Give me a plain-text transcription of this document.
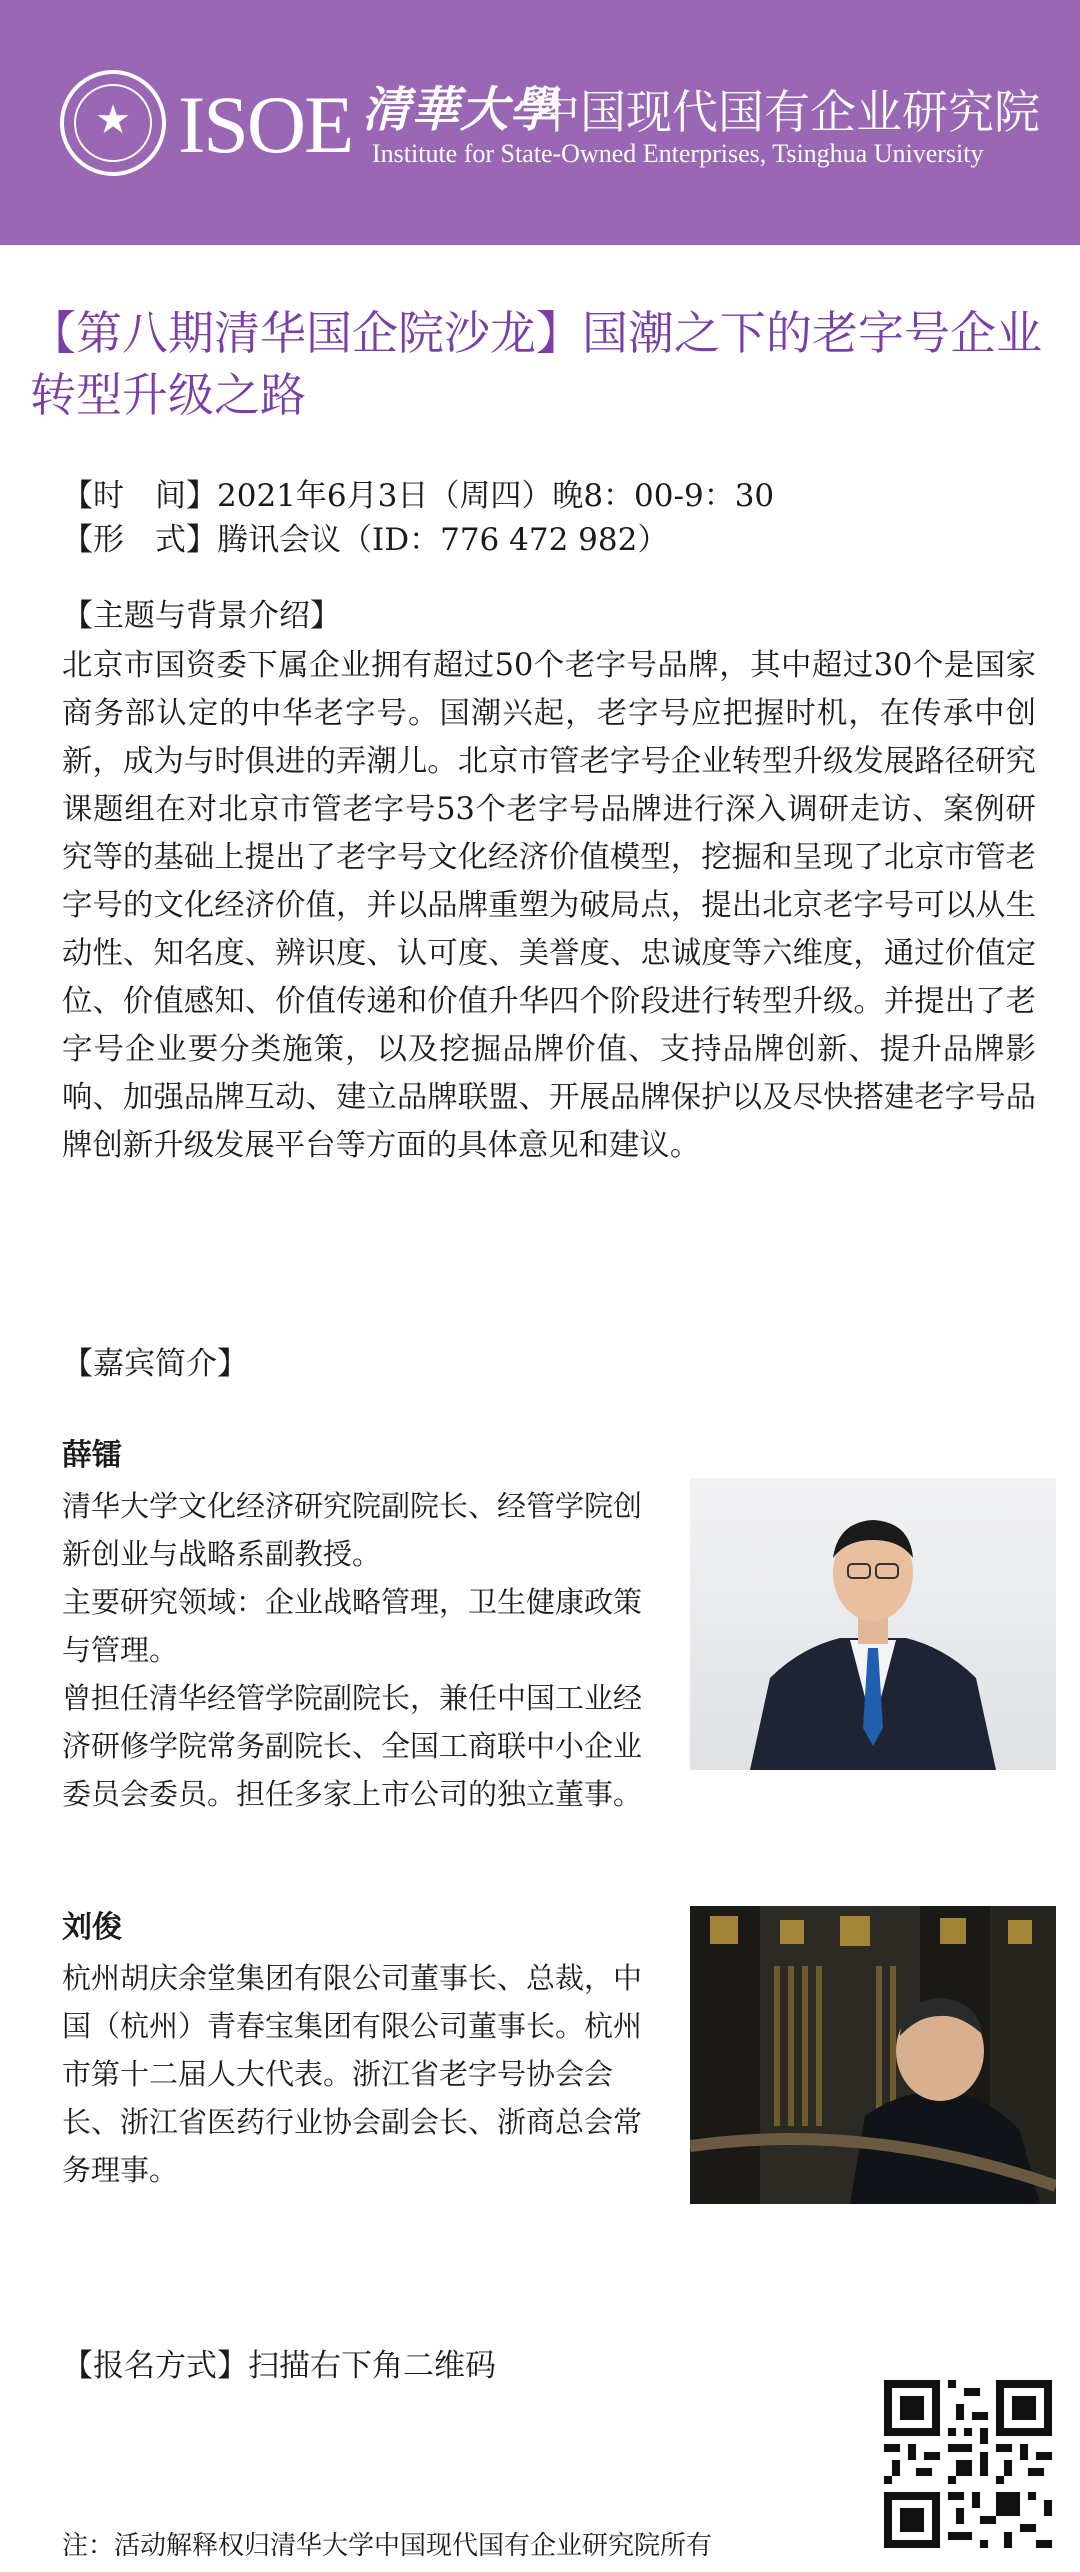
★ ISOE 清華大學
中国现代国有企业研究院
Institute for State-Owned Enterprises, Tsinghua University
【第八期清华国企院沙龙】国潮之下的老字号企业转型升级之路
【时　间】2021年6月3日（周四）晚8：00-9：30
【形　式】腾讯会议（ID：776 472 982）
【主题与背景介绍】
北京市国资委下属企业拥有超过50个老字号品牌，其中超过30个是国家商务部认定的中华老字号。国潮兴起，老字号应把握时机，在传承中创新，成为与时俱进的弄潮儿。北京市管老字号企业转型升级发展路径研究课题组在对北京市管老字号53个老字号品牌进行深入调研走访、案例研究等的基础上提出了老字号文化经济价值模型，挖掘和呈现了北京市管老字号的文化经济价值，并以品牌重塑为破局点，提出北京老字号可以从生动性、知名度、辨识度、认可度、美誉度、忠诚度等六维度，通过价值定位、价值感知、价值传递和价值升华四个阶段进行转型升级。并提出了老字号企业要分类施策，以及挖掘品牌价值、支持品牌创新、提升品牌影响、加强品牌互动、建立品牌联盟、开展品牌保护以及尽快搭建老字号品牌创新升级发展平台等方面的具体意见和建议。
【嘉宾简介】
薛镭

清华大学文化经济研究院副院长、经管学院创新创业与战略系副教授。

主要研究领域：企业战略管理，卫生健康政策与管理。

曾担任清华经管学院副院长，兼任中国工业经济研修学院常务副院长、全国工商联中小企业委员会委员。担任多家上市公司的独立董事。

刘俊

杭州胡庆余堂集团有限公司董事长、总裁，中国（杭州）青春宝集团有限公司董事长。杭州市第十二届人大代表。浙江省老字号协会会长、浙江省医药行业协会副会长、浙商总会常务理事。

【报名方式】扫描右下角二维码
注：活动解释权归清华大学中国现代国有企业研究院所有
